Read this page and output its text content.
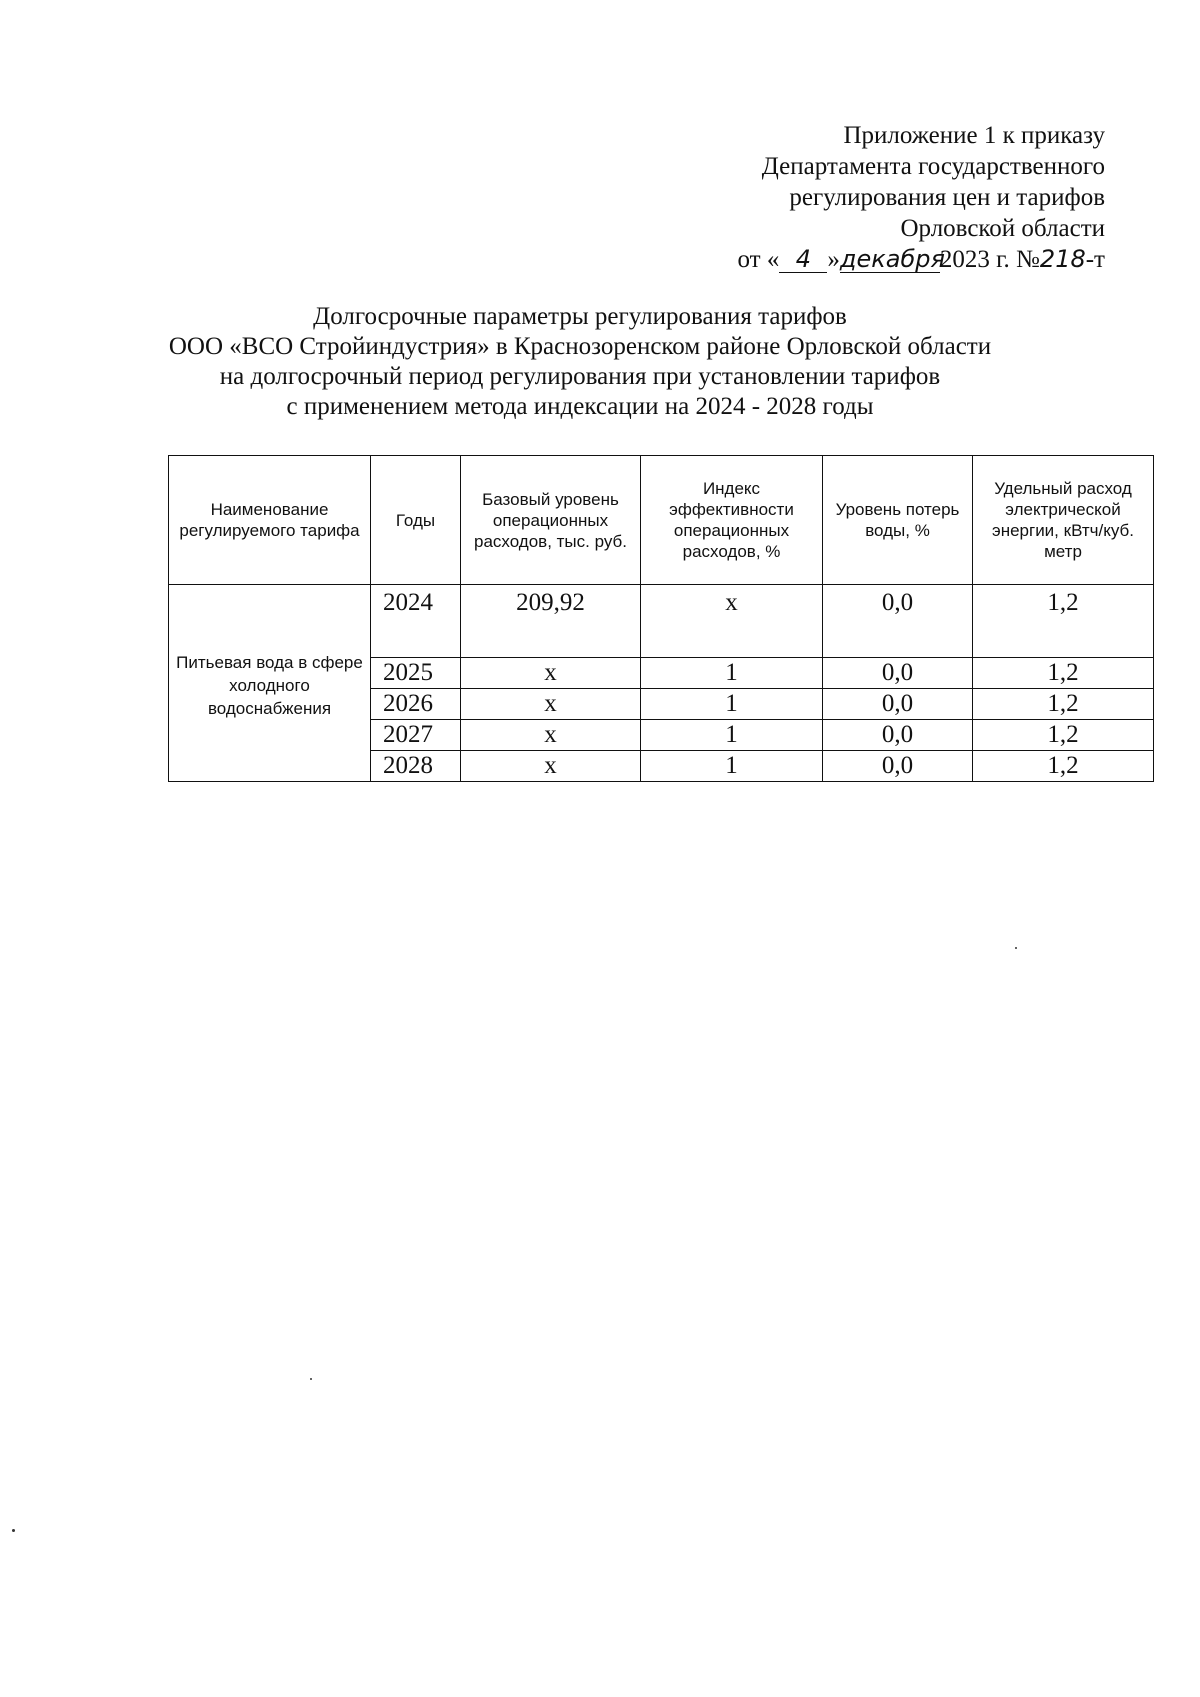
Приложение 1 к приказу
Департамента государственного
регулирования цен и тарифов
Орловской области
от « 4 »декабря2023 г. №218-т
Долгосрочные параметры регулирования тарифов
ООО «ВСО Стройиндустрия» в Краснозоренском районе Орловской области
на долгосрочный период регулирования при установлении тарифов
с применением метода индексации на 2024 - 2028 годы
Наименование регулируемого тарифа	Годы	Базовый уровень операционных расходов, тыс. руб.	Индекс эффективности операционных расходов, %	Уровень потерь воды, %	Удельный расход электрической энергии, кВтч/куб. метр
Питьевая вода в сфере холодного водоснабжения	2024	209,92	x	0,0	1,2
	2025	x	1	0,0	1,2
	2026	x	1	0,0	1,2
	2027	x	1	0,0	1,2
	2028	x	1	0,0	1,2
